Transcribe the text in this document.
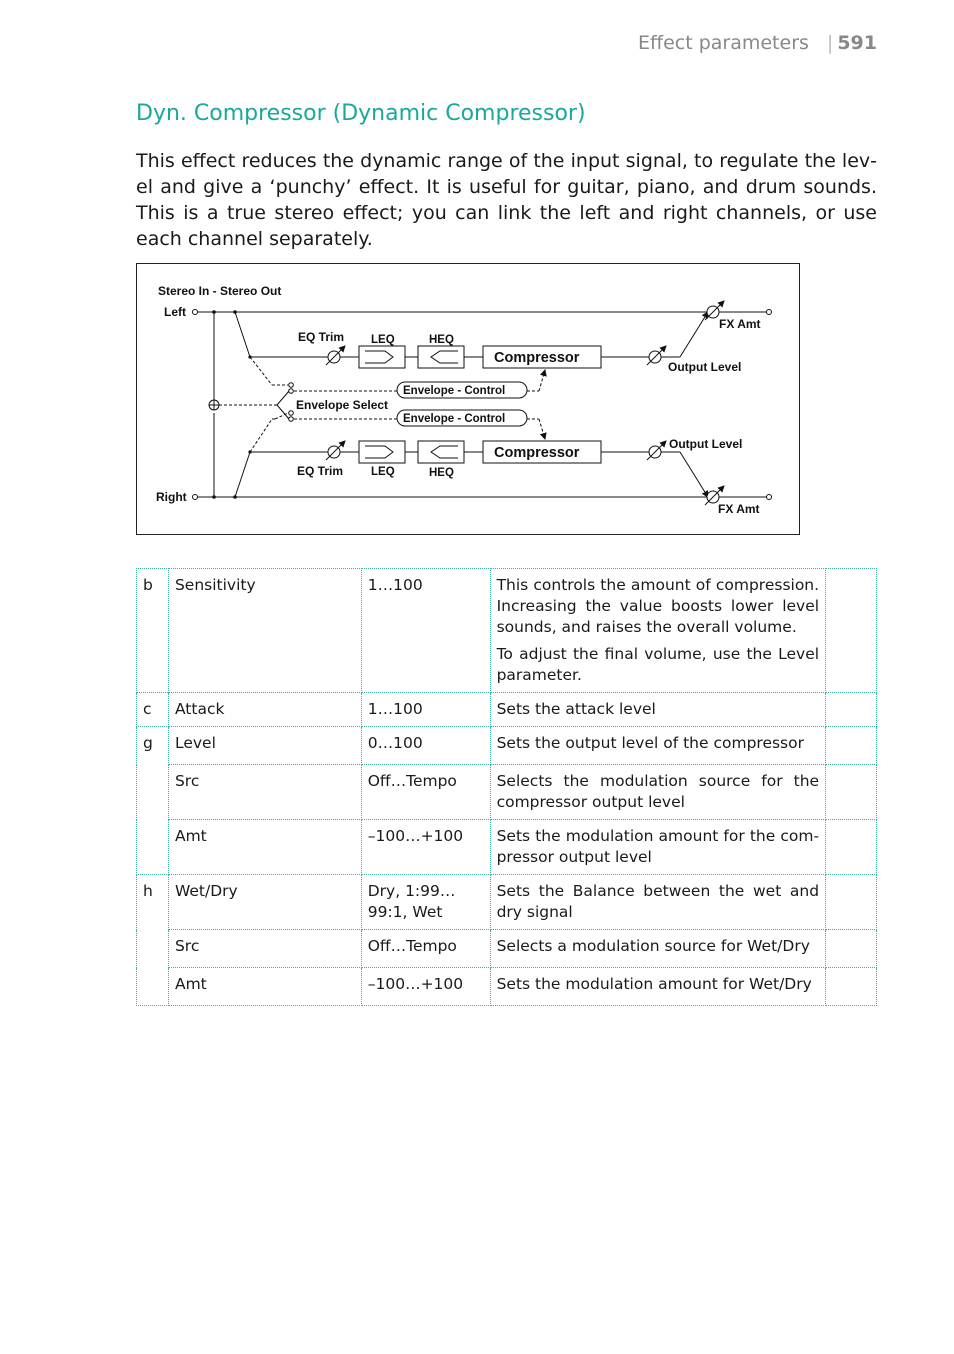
Effect parameters | 591
Dyn. Compressor (Dynamic Compressor)

This effect reduces the dynamic range of the input signal, to regulate the level and give a ‘punchy’ effect. It is useful for guitar, piano, and drum sounds. This is a true stereo effect; you can link the left and right channels, or use each channel separately.

Stereo In - Stereo Out
Left
Right
EQ Trim
EQ Trim
LEQ	HEQ
LEQ	HEQ
Compressor
Compressor
Output Level
Output Level
FX Amt
FX Amt
Envelope - Control
Envelope - Control
Envelope Select
b	Sensitivity	1…100	This controls the amount of compression. Increasing the value boosts lower level sounds, and raises the overall volume.

To adjust the final volume, use the Level parameter.	

c	Attack	1…100	Sets the attack level	

g	Level	0…100	Sets the output level of the compressor	

	Src	Off…Tempo	Selects the modulation source for the compressor output level	

	Amt	–100…+100	Sets the modulation amount for the compressor output level	

h	Wet/Dry	Dry, 1:99…99:1, Wet	Sets the Balance between the wet and dry signal	

	Src	Off…Tempo	Selects a modulation source for Wet/Dry	

	Amt	–100…+100	Sets the modulation amount for Wet/Dry	
